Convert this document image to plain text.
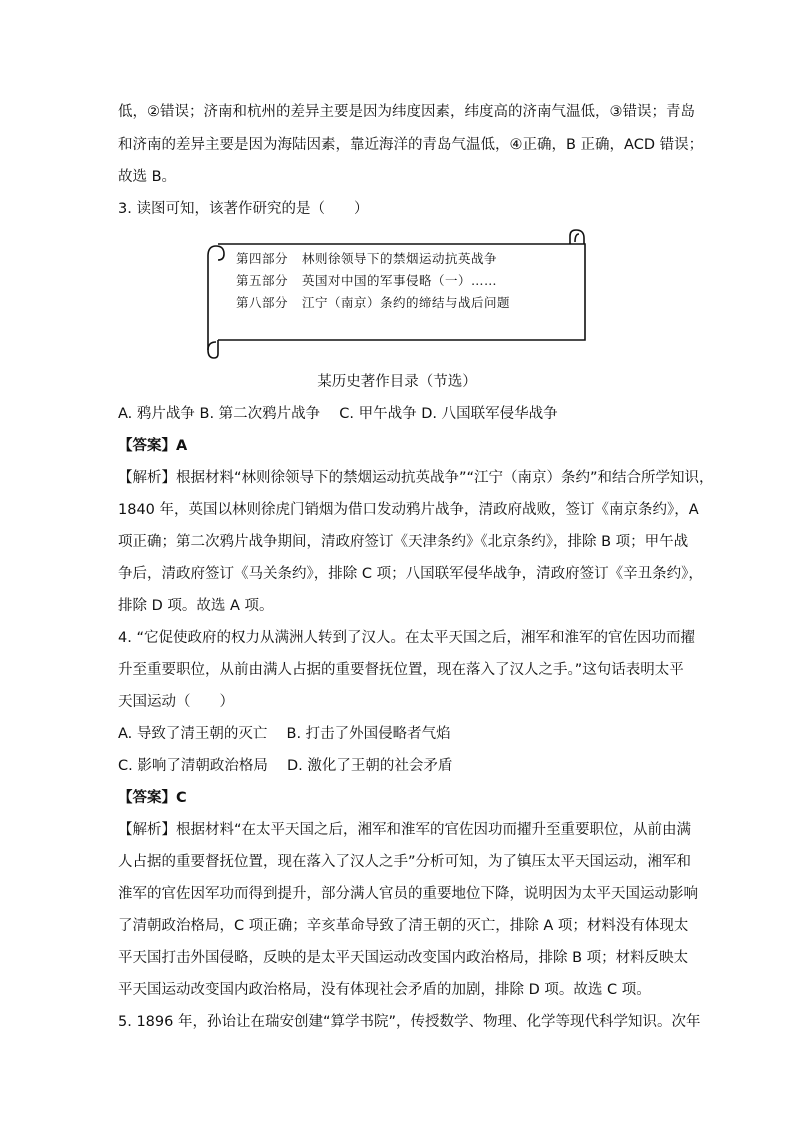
低，②错误；济南和杭州的差异主要是因为纬度因素，纬度高的济南气温低，③错误；青岛
和济南的差异主要是因为海陆因素，靠近海洋的青岛气温低，④正确，B 正确，ACD 错误；
故选 B。
3. 读图可知，该著作研究的是（　　）
第四部分 林则徐领导下的禁烟运动抗英战争
第五部分 英国对中国的军事侵略（一）……
第八部分 江宁（南京）条约的缔结与战后问题
某历史著作目录（节选）
A. 鸦片战争 B. 第二次鸦片战争 　C. 甲午战争 D. 八国联军侵华战争
【答案】A
【解析】根据材料“林则徐领导下的禁烟运动抗英战争”“江宁（南京）条约”和结合所学知识，
1840 年，英国以林则徐虎门销烟为借口发动鸦片战争，清政府战败，签订《南京条约》，A
项正确；第二次鸦片战争期间，清政府签订《天津条约》《北京条约》，排除 B 项；甲午战
争后，清政府签订《马关条约》，排除 C 项；八国联军侵华战争，清政府签订《辛丑条约》，
排除 D 项。故选 A 项。
4. “它促使政府的权力从满洲人转到了汉人。在太平天国之后，湘军和淮军的官佐因功而擢
升至重要职位，从前由满人占据的重要督抚位置，现在落入了汉人之手。”这句话表明太平
天国运动（　　）
A. 导致了清王朝的灭亡　 B. 打击了外国侵略者气焰
C. 影响了清朝政治格局　 D. 激化了王朝的社会矛盾
【答案】C
【解析】根据材料“在太平天国之后，湘军和淮军的官佐因功而擢升至重要职位，从前由满
人占据的重要督抚位置，现在落入了汉人之手”分析可知，为了镇压太平天国运动，湘军和
淮军的官佐因军功而得到提升，部分满人官员的重要地位下降，说明因为太平天国运动影响
了清朝政治格局，C 项正确；辛亥革命导致了清王朝的灭亡，排除 A 项；材料没有体现太
平天国打击外国侵略，反映的是太平天国运动改变国内政治格局，排除 B 项；材料反映太
平天国运动改变国内政治格局，没有体现社会矛盾的加剧，排除 D 项。故选 C 项。
5. 1896 年，孙诒让在瑞安创建“算学书院”，传授数学、物理、化学等现代科学知识。次年
